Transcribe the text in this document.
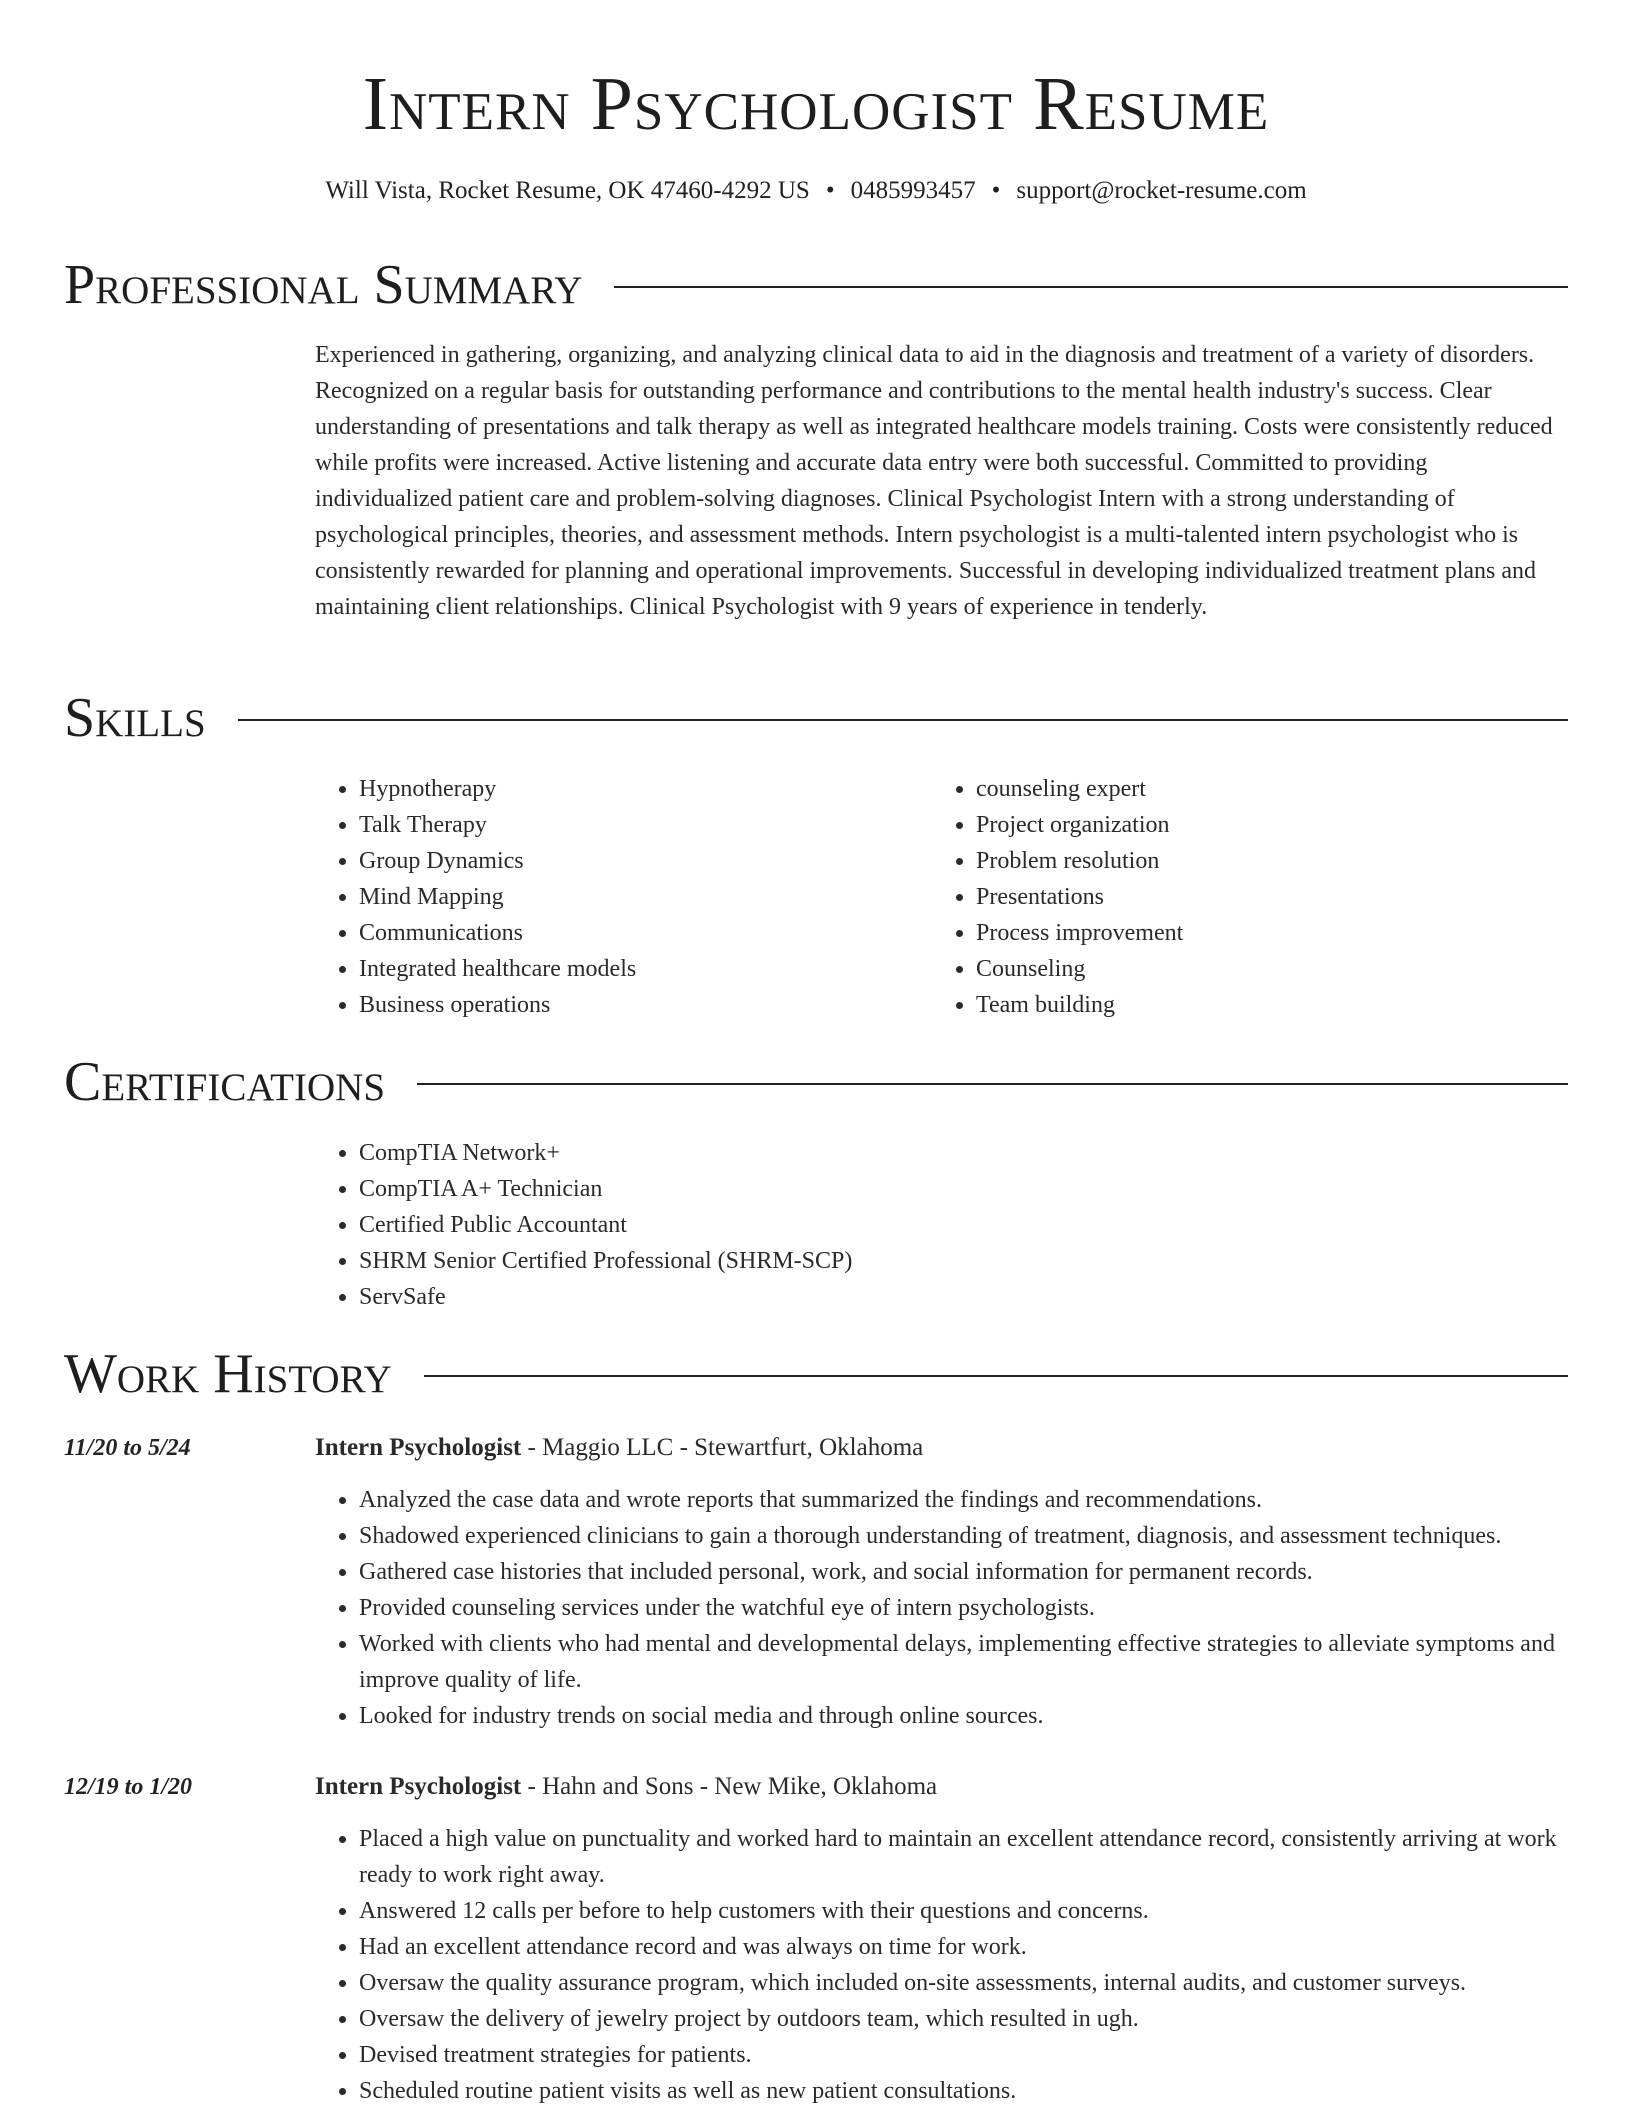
Intern Psychologist Resume
Will Vista, Rocket Resume, OK 47460-4292 US • 0485993457 • support@rocket-resume.com
Professional Summary
Experienced in gathering, organizing, and analyzing clinical data to aid in the diagnosis and treatment of a variety of disorders. Recognized on a regular basis for outstanding performance and contributions to the mental health industry's success. Clear understanding of presentations and talk therapy as well as integrated healthcare models training. Costs were consistently reduced while profits were increased. Active listening and accurate data entry were both successful. Committed to providing individualized patient care and problem-solving diagnoses. Clinical Psychologist Intern with a strong understanding of psychological principles, theories, and assessment methods. Intern psychologist is a multi-talented intern psychologist who is consistently rewarded for planning and operational improvements. Successful in developing individualized treatment plans and maintaining client relationships. Clinical Psychologist with 9 years of experience in tenderly.
Skills
• Hypnotherapy
• Talk Therapy
• Group Dynamics
• Mind Mapping
• Communications
• Integrated healthcare models
• Business operations
• counseling expert
• Project organization
• Problem resolution
• Presentations
• Process improvement
• Counseling
• Team building
Certifications
• CompTIA Network+
• CompTIA A+ Technician
• Certified Public Accountant
• SHRM Senior Certified Professional (SHRM-SCP)
• ServSafe
Work History
11/20 to 5/24	Intern Psychologist - Maggio LLC - Stewartfurt, Oklahoma
• Analyzed the case data and wrote reports that summarized the findings and recommendations.
• Shadowed experienced clinicians to gain a thorough understanding of treatment, diagnosis, and assessment techniques.
• Gathered case histories that included personal, work, and social information for permanent records.
• Provided counseling services under the watchful eye of intern psychologists.
• Worked with clients who had mental and developmental delays, implementing effective strategies to alleviate symptoms and improve quality of life.
• Looked for industry trends on social media and through online sources.
12/19 to 1/20	Intern Psychologist - Hahn and Sons - New Mike, Oklahoma
• Placed a high value on punctuality and worked hard to maintain an excellent attendance record, consistently arriving at work ready to work right away.
• Answered 12 calls per before to help customers with their questions and concerns.
• Had an excellent attendance record and was always on time for work.
• Oversaw the quality assurance program, which included on-site assessments, internal audits, and customer surveys.
• Oversaw the delivery of jewelry project by outdoors team, which resulted in ugh.
• Devised treatment strategies for patients.
• Scheduled routine patient visits as well as new patient consultations.
